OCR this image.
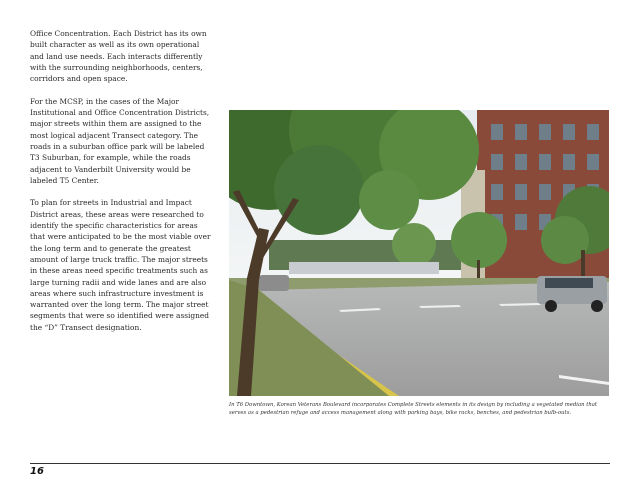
Office Concentration. Each District has its own built character as well as its own operational and land use needs. Each interacts differently with the surrounding neighborhoods, centers, corridors and open space.

For the MCSP, in the cases of the Major Institutional and Office Concentration Districts, major streets within them are assigned to the most logical adjacent Transect category. The roads in a suburban office park will be labeled T3 Suburban, for example, while the roads adjacent to Vanderbilt University would be labeled T5 Center.

To plan for streets in Industrial and Impact District areas, these areas were researched to identify the specific characteristics for areas that were anticipated to be the most viable over the long term and to generate the greatest amount of large truck traffic. The major streets in these areas need specific treatments such as large turning radii and wide lanes and are also areas where such infrastructure investment is warranted over the long term. The major street segments that were so identified were assigned the “D” Transect designation.

In T6 Downtown, Korean Veterans Boulevard incorporates Complete Streets elements in its design by including a vegetated median that serves as a pedestrian refuge and access management along with parking bays, bike racks, benches, and pedestrian bulb-outs.
16
